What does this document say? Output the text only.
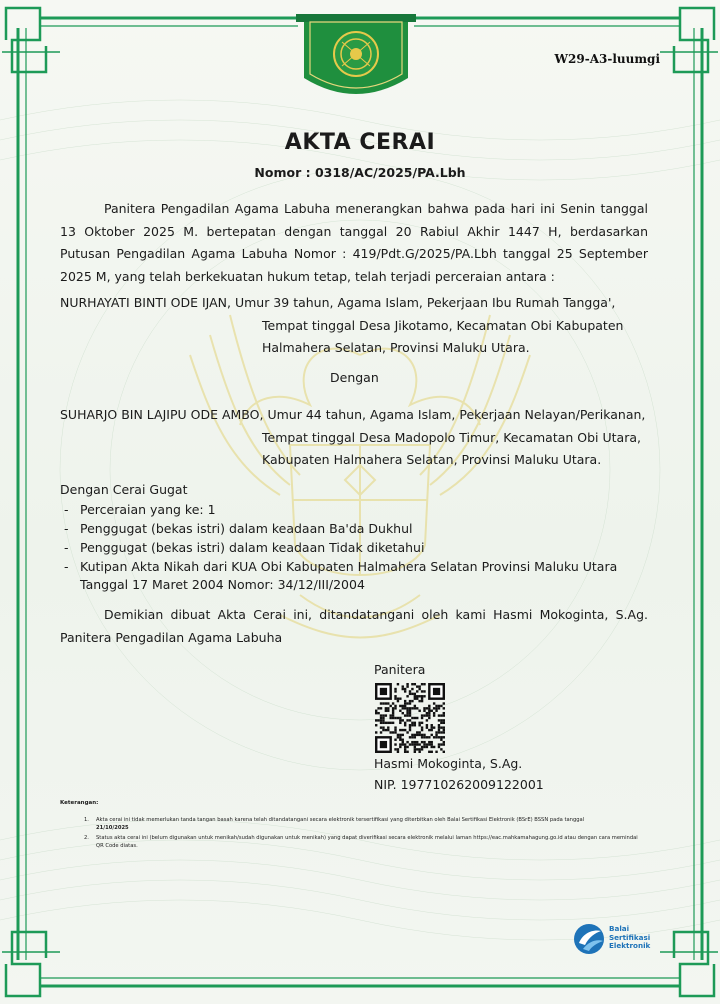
W29-A3-luumgi
AKTA CERAI
Nomor : 0318/AC/2025/PA.Lbh
Panitera Pengadilan Agama Labuha menerangkan bahwa pada hari ini Senin tanggal 13 Oktober 2025 M. bertepatan dengan tanggal 20 Rabiul Akhir 1447 H, berdasarkan Putusan Pengadilan Agama Labuha Nomor : 419/Pdt.G/2025/PA.Lbh tanggal 25 September 2025 M, yang telah berkekuatan hukum tetap, telah terjadi perceraian antara :
NURHAYATI BINTI ODE IJAN, Umur 39 tahun, Agama Islam, Pekerjaan Ibu Rumah Tangga',
Tempat tinggal Desa Jikotamo, Kecamatan Obi Kabupaten
Halmahera Selatan, Provinsi Maluku Utara.
Dengan
SUHARJO BIN LAJIPU ODE AMBO, Umur 44 tahun, Agama Islam, Pekerjaan Nelayan/Perikanan,
Tempat tinggal Desa Madopolo Timur, Kecamatan Obi Utara,
Kabupaten Halmahera Selatan, Provinsi Maluku Utara.
Dengan Cerai Gugat
- Perceraian yang ke: 1
- Penggugat (bekas istri) dalam keadaan Ba'da Dukhul
- Penggugat (bekas istri) dalam keadaan Tidak diketahui
- Kutipan Akta Nikah dari KUA Obi Kabupaten Halmahera Selatan Provinsi Maluku Utara Tanggal 17 Maret 2004 Nomor: 34/12/III/2004
Demikian dibuat Akta Cerai ini, ditandatangani oleh kami Hasmi Mokoginta, S.Ag. Panitera Pengadilan Agama Labuha
Panitera
Hasmi Mokoginta, S.Ag.
NIP. 197710262009122001
Keterangan:
1. Akta cerai ini tidak memerlukan tanda tangan basah karena telah ditandatangani secara elektronik tersertifikasi yang diterbitkan oleh Balai Sertifikasi Elektronik (BSrE) BSSN pada tanggal
21/10/2025
2. Status akta cerai ini (belum digunakan untuk menikah/sudah digunakan untuk menikah) yang dapat diverifikasi secara elektronik melalui laman https://eac.mahkamahagung.go.id atau dengan cara memindai QR Code diatas.
Balai
Sertifikasi
Elektronik
